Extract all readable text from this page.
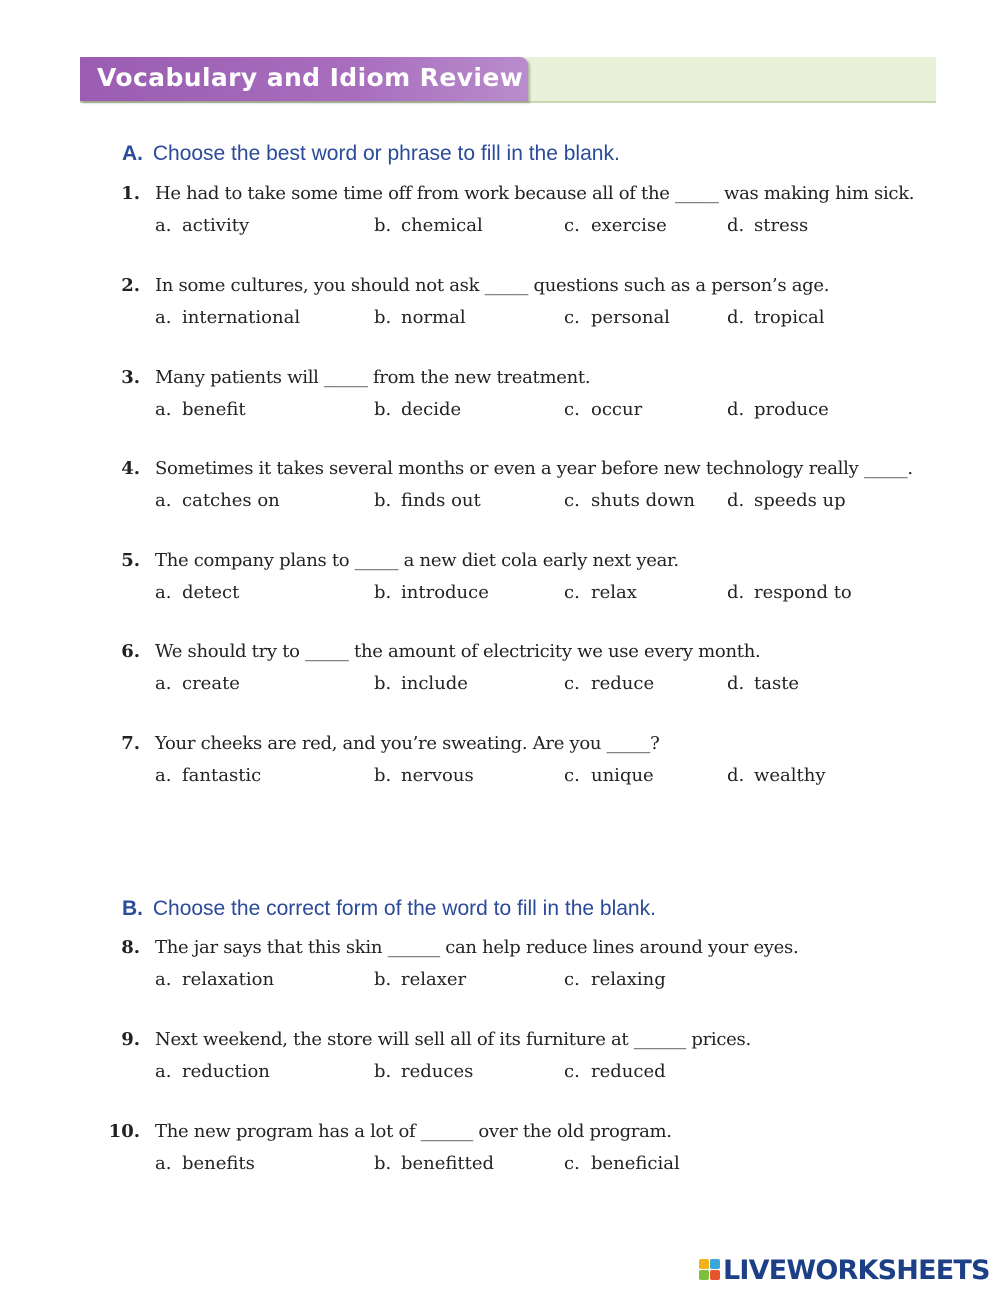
Vocabulary and Idiom Review
A. Choose the best word or phrase to fill in the blank.
1. He had to take some time off from work because all of the _____ was making him sick.
a. activity	b. chemical	c. exercise	d. stress
2. In some cultures, you should not ask _____ questions such as a person’s age.
a. international	b. normal	c. personal	d. tropical
3. Many patients will _____ from the new treatment.
a. benefit	b. decide	c. occur	d. produce
4. Sometimes it takes several months or even a year before new technology really _____.
a. catches on	b. finds out	c. shuts down d. speeds up
5. The company plans to _____ a new diet cola early next year.
a. detect	b. introduce	c. relax	d. respond to
6. We should try to _____ the amount of electricity we use every month.
a. create	b. include	c. reduce	d. taste
7. Your cheeks are red, and you’re sweating. Are you _____?
a. fantastic	b. nervous	c. unique	d. wealthy
B. Choose the correct form of the word to fill in the blank.
8. The jar says that this skin ______ can help reduce lines around your eyes.
a. relaxation	b. relaxer	c. relaxing
9. Next weekend, the store will sell all of its furniture at ______ prices.
a. reduction	b. reduces	c. reduced
10. The new program has a lot of ______ over the old program.
a. benefits	b. benefitted	c. beneficial
LIVEWORKSHEETS
